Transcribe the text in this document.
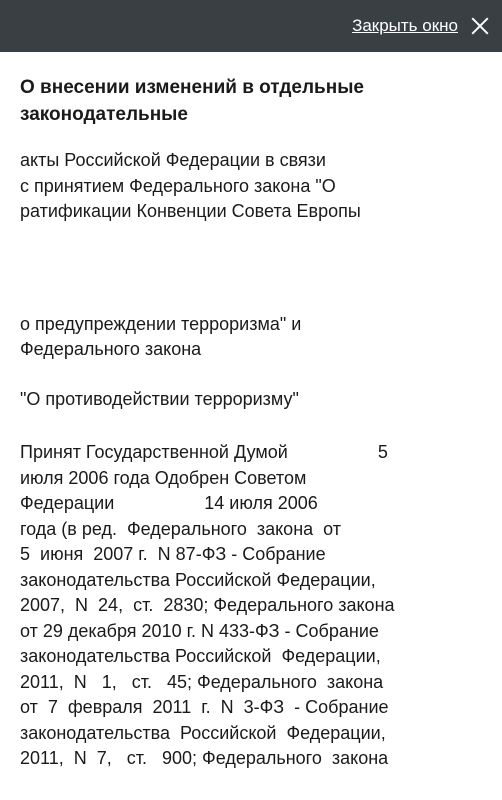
Закрыть окно
О внесении изменений в отдельные законодательные
акты Российской Федерации в связи
с принятием Федерального закона "О
ратификации Конвенции Совета Европы
о предупреждении терроризма" и
Федерального закона
"О противодействии терроризму"
Принят Государственной Думой                  5
июля 2006 года Одобрен Советом
Федерации                  14 июля 2006
года (в ред.  Федерального  закона  от
5  июня  2007 г.  N 87-ФЗ - Собрание
законодательства Российской Федерации,
2007,  N  24,  ст.  2830; Федерального закона
от 29 декабря 2010 г. N 433-ФЗ - Собрание
законодательства Российской  Федерации,
2011,  N   1,   ст.   45; Федерального  закона
от  7  февраля  2011  г.  N  3-ФЗ  - Собрание
законодательства  Российской  Федерации,
2011,  N  7,   ст.   900; Федерального  закона
